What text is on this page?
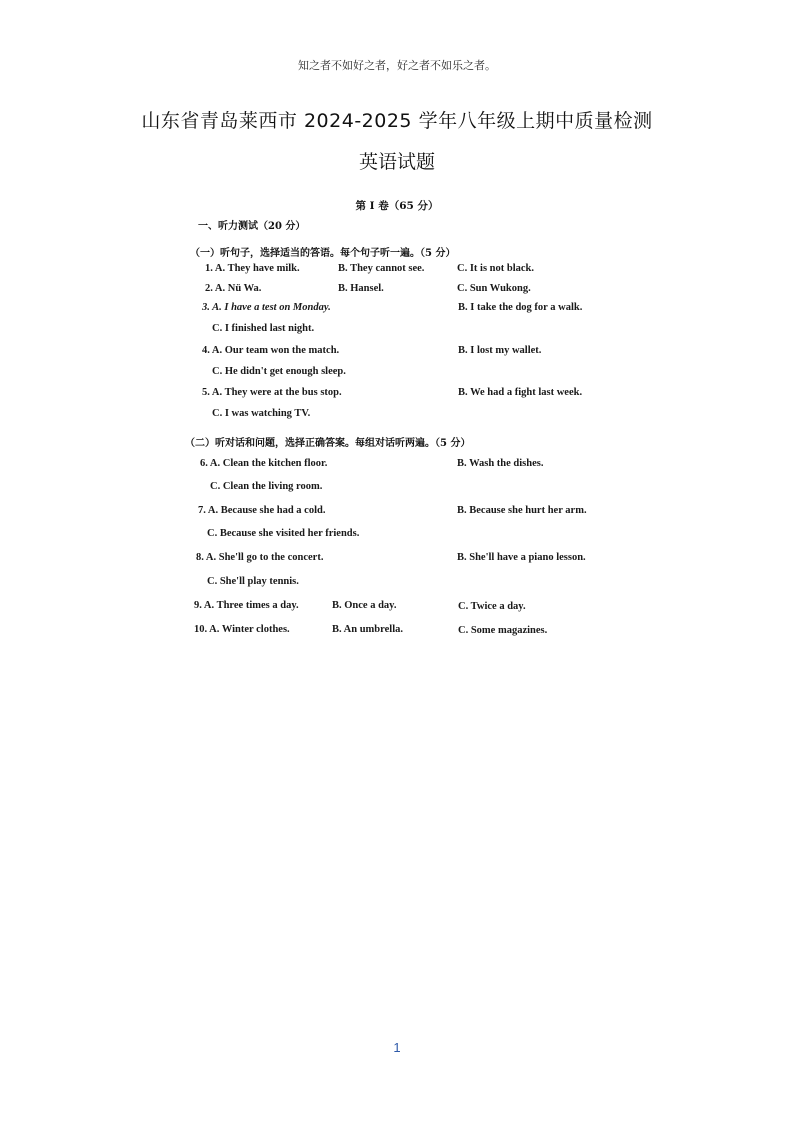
知之者不如好之者，好之者不如乐之者。
山东省青岛莱西市 2024-2025 学年八年级上期中质量检测
英语试题
第 I 卷（65 分）
一、听力测试（20 分）
（一）听句子，选择适当的答语。每个句子听一遍。（5 分）
1. A. They have milk.	B. They cannot see.	C. It is not black.
2. A. Nü Wa.	B. Hansel.	C. Sun Wukong.
3. A. I have a test on Monday.	B. I take the dog for a walk.
C. I finished last night.
4. A. Our team won the match.	B. I lost my wallet.
C. He didn't get enough sleep.
5. A. They were at the bus stop.	B. We had a fight last week.
C. I was watching TV.
（二）听对话和问题，选择正确答案。每组对话听两遍。（5 分）
6. A. Clean the kitchen floor.	B. Wash the dishes.
C. Clean the living room.
7. A. Because she had a cold.	B. Because she hurt her arm.
C. Because she visited her friends.
8. A. She'll go to the concert.	B. She'll have a piano lesson.
C. She'll play tennis.
9. A. Three times a day.	B. Once a day.	C. Twice a day.
10. A. Winter clothes.	B. An umbrella.	C. Some magazines.
1
